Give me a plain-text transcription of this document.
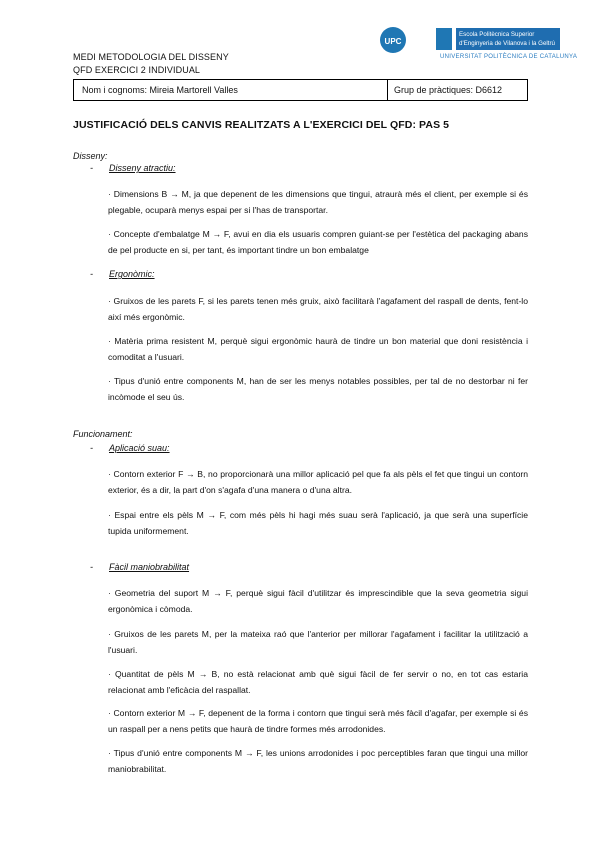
MEDI METODOLOGIA DEL DISSENY
QFD EXERCICI 2 INDIVIDUAL
UPC
Escola Politècnica Superior
d'Enginyeria de Vilanova i la Geltrú
UNIVERSITAT POLITÈCNICA DE CATALUNYA
Nom i cognoms: Mireia Martorell Valles	Grup de pràctiques: D6612
JUSTIFICACIÓ DELS CANVIS REALITZATS A L'EXERCICI DEL QFD: PAS 5
Disseny:
- Disseny atractiu:
· Dimensions B → M, ja que depenent de les dimensions que tingui, atraurà més el client, per exemple si és plegable, ocuparà menys espai per si l'has de transportar.
· Concepte d'embalatge M → F, avui en dia els usuaris compren guiant-se per l'estètica del packaging abans de pel producte en si, per tant, és important tindre un bon embalatge
- Ergonòmic:
· Gruixos de les parets F, si les parets tenen més gruix, això facilitarà l'agafament del raspall de dents, fent-lo així més ergonòmic.
· Matèria prima resistent M, perquè sigui ergonòmic haurà de tindre un bon material que doni resistència i comoditat a l'usuari.
· Tipus d'unió entre components M, han de ser les menys notables possibles, per tal de no destorbar ni fer incòmode el seu ús.
Funcionament:
- Aplicació suau:
· Contorn exterior F → B, no proporcionarà una millor aplicació pel que fa als pèls el fet que tingui un contorn exterior, és a dir, la part d'on s'agafa d'una manera o d'una altra.
· Espai entre els pèls M → F, com més pèls hi hagi més suau serà l'aplicació, ja que serà una superfície tupida uniformement.
- Fàcil maniobrabilitat
· Geometria del suport M → F, perquè sigui fàcil d'utilitzar és imprescindible que la seva geometria sigui ergonòmica i còmoda.
· Gruixos de les parets M, per la mateixa raó que l'anterior per millorar l'agafament i facilitar la utilització a l'usuari.
· Quantitat de pèls M → B, no està relacionat amb què sigui fàcil de fer servir o no, en tot cas estaria relacionat amb l'eficàcia del raspallat.
· Contorn exterior M → F, depenent de la forma i contorn que tingui serà més fàcil d'agafar, per exemple si és un raspall per a nens petits que haurà de tindre formes més arrodonides.
· Tipus d'unió entre components M → F, les unions arrodonides i poc perceptibles faran que tingui una millor maniobrabilitat.
